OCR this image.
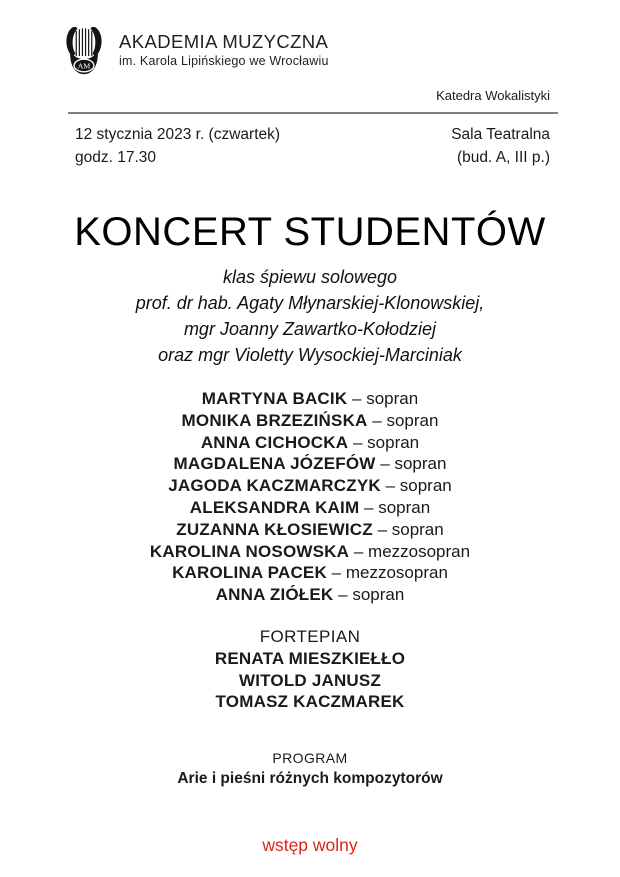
AM
AKADEMIA MUZYCZNA
im. Karola Lipińskiego we Wrocławiu
Katedra Wokalistyki
12 stycznia 2023 r. (czwartek)
godz. 17.30
Sala Teatralna
(bud. A, III p.)
KONCERT STUDENTÓW
klas śpiewu solowego
prof. dr hab. Agaty Młynarskiej-Klonowskiej,
mgr Joanny Zawartko-Kołodziej
oraz mgr Violetty Wysockiej-Marciniak
MARTYNA BACIK – sopran
MONIKA BRZEZIŃSKA – sopran
ANNA CICHOCKA – sopran
MAGDALENA JÓZEFÓW – sopran
JAGODA KACZMARCZYK – sopran
ALEKSANDRA KAIM – sopran
ZUZANNA KŁOSIEWICZ – sopran
KAROLINA NOSOWSKA – mezzosopran
KAROLINA PACEK – mezzosopran
ANNA ZIÓŁEK – sopran
FORTEPIAN
RENATA MIESZKIEŁŁO
WITOLD JANUSZ
TOMASZ KACZMAREK
PROGRAM
Arie i pieśni różnych kompozytorów
wstęp wolny
